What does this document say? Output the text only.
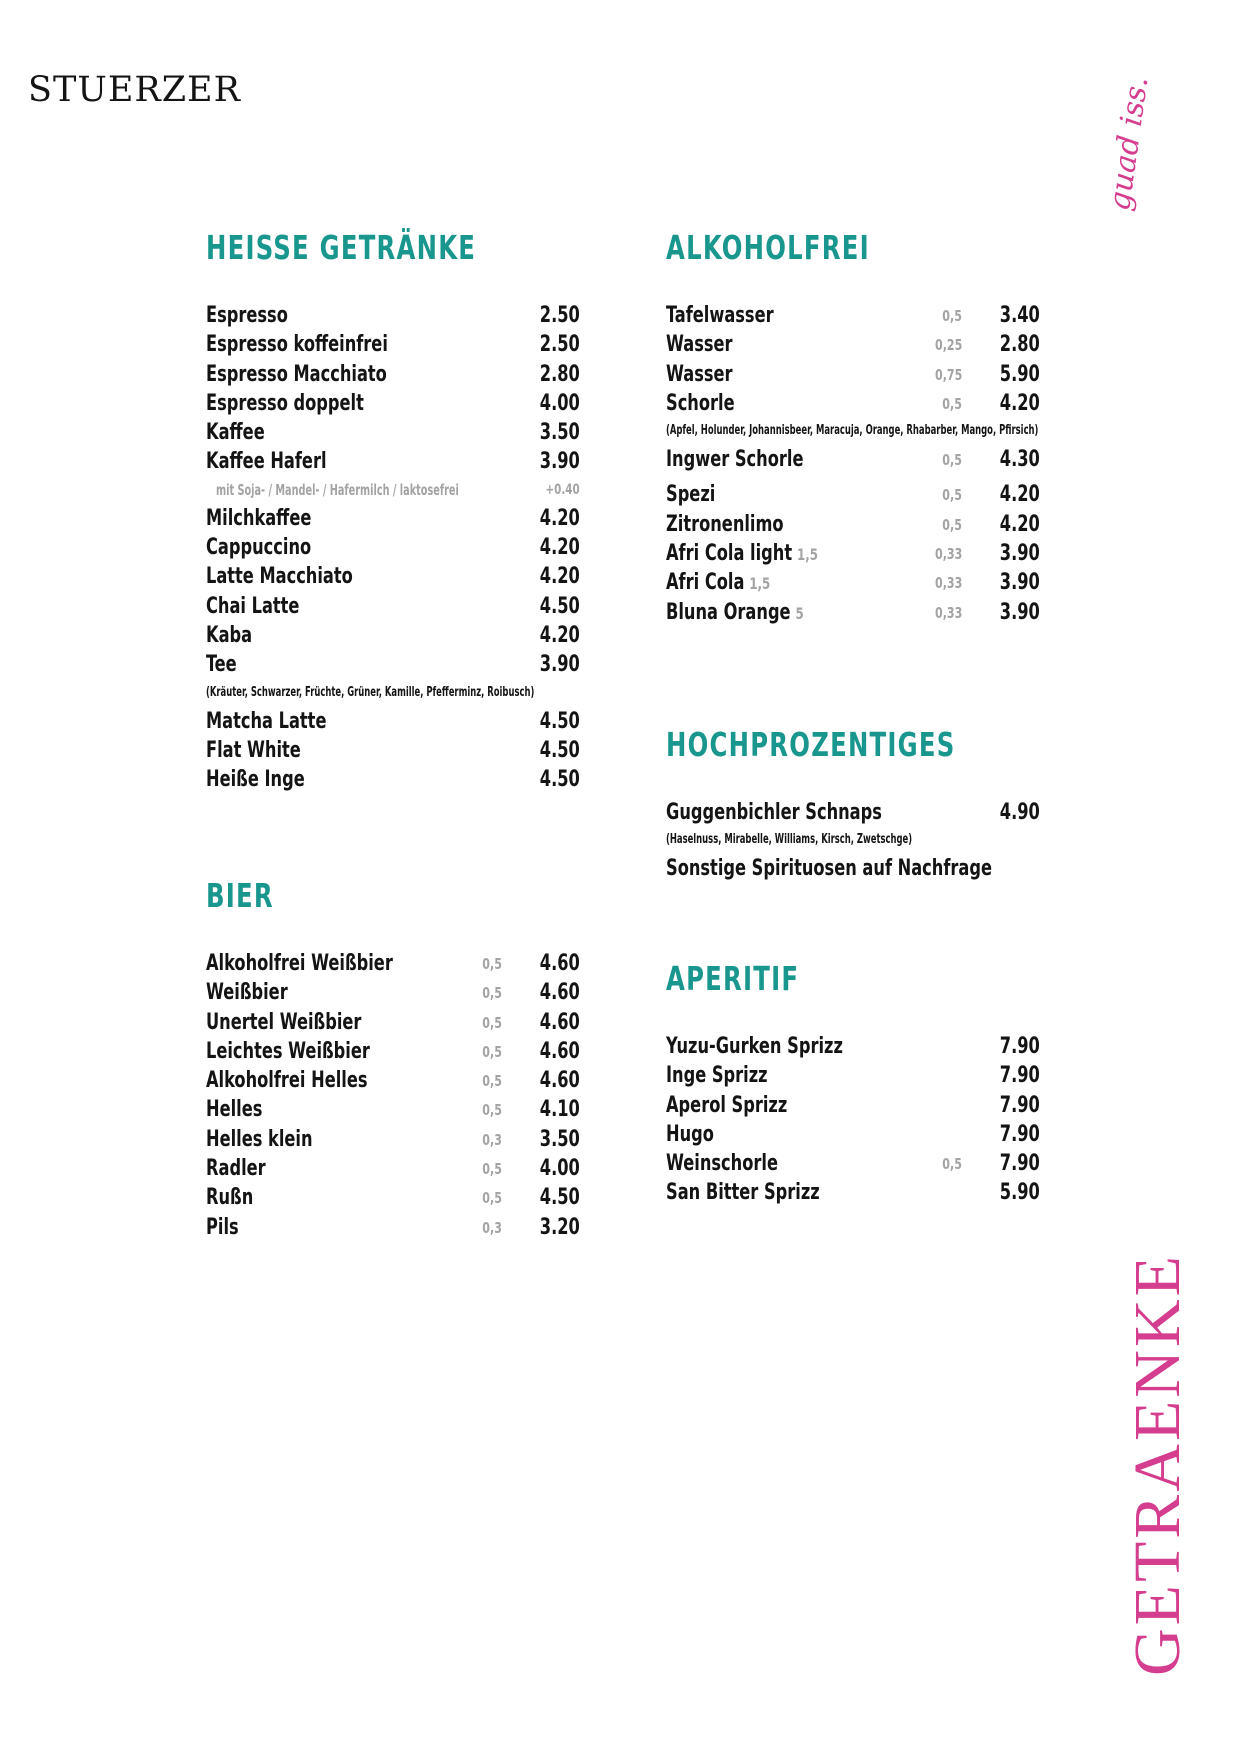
STUERZER	guad iss.
GETRAENKE
HEISSE GETRÄNKE
Espresso	2.50
Espresso koffeinfrei	2.50
Espresso Macchiato	2.80
Espresso doppelt	4.00
Kaffee	3.50
Kaffee Haferl	3.90
mit Soja- / Mandel- / Hafermilch / laktosefrei	+0.40
Milchkaffee	4.20
Cappuccino	4.20
Latte Macchiato	4.20
Chai Latte	4.50
Kaba	4.20
Tee	3.90
(Kräuter, Schwarzer, Früchte, Grüner, Kamille, Pfefferminz, Roibusch)
Matcha Latte	4.50
Flat White	4.50
Heiße Inge	4.50
BIER
Alkoholfrei Weißbier	0,5 4.60
Weißbier	0,5 4.60
Unertel Weißbier	0,5 4.60
Leichtes Weißbier	0,5 4.60
Alkoholfrei Helles	0,5 4.60
Helles	0,5 4.10
Helles klein	0,3 3.50
Radler	0,5 4.00
Rußn	0,5 4.50
Pils	0,3 3.20
ALKOHOLFREI
Tafelwasser	0,5 3.40
Wasser	0,25 2.80
Wasser	0,75 5.90
Schorle	0,5 4.20
(Apfel, Holunder, Johannisbeer, Maracuja, Orange, Rhabarber, Mango, Pfirsich)
Ingwer Schorle	0,5 4.30
Spezi	0,5 4.20
Zitronenlimo	0,5 4.20
Afri Cola light 1,5	0,33 3.90
Afri Cola 1,5	0,33 3.90
Bluna Orange 5	0,33 3.90
HOCHPROZENTIGES
Guggenbichler Schnaps	4.90
(Haselnuss, Mirabelle, Williams, Kirsch, Zwetschge)
Sonstige Spirituosen auf Nachfrage
APERITIF
Yuzu-Gurken Sprizz	7.90
Inge Sprizz	7.90
Aperol Sprizz	7.90
Hugo	7.90
Weinschorle	0,5 7.90
San Bitter Sprizz	5.90
